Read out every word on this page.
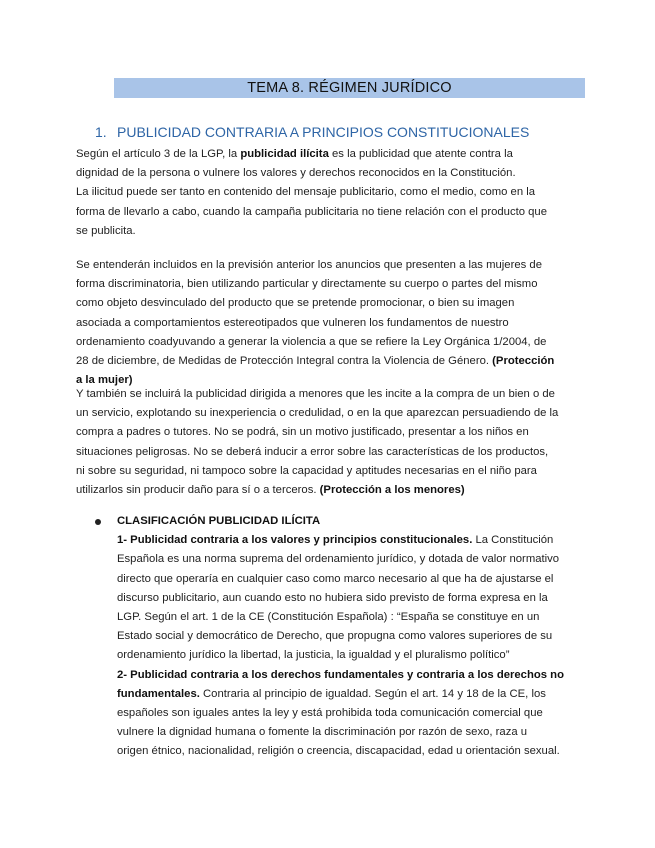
TEMA 8. RÉGIMEN JURÍDICO
1. PUBLICIDAD CONTRARIA A PRINCIPIOS CONSTITUCIONALES
Según el artículo 3 de la LGP, la publicidad ilícita es la publicidad que atente contra la
dignidad de la persona o vulnere los valores y derechos reconocidos en la Constitución.
La ilicitud puede ser tanto en contenido del mensaje publicitario, como el medio, como en la
forma de llevarlo a cabo, cuando la campaña publicitaria no tiene relación con el producto que
se publicita.
Se entenderán incluidos en la previsión anterior los anuncios que presenten a las mujeres de
forma discriminatoria, bien utilizando particular y directamente su cuerpo o partes del mismo
como objeto desvinculado del producto que se pretende promocionar, o bien su imagen
asociada a comportamientos estereotipados que vulneren los fundamentos de nuestro
ordenamiento coadyuvando a generar la violencia a que se refiere la Ley Orgánica 1/2004, de
28 de diciembre, de Medidas de Protección Integral contra la Violencia de Género. (Protección
a la mujer)
Y también se incluirá la publicidad dirigida a menores que les incite a la compra de un bien o de
un servicio, explotando su inexperiencia o credulidad, o en la que aparezcan persuadiendo de la
compra a padres o tutores. No se podrá, sin un motivo justificado, presentar a los niños en
situaciones peligrosas. No se deberá inducir a error sobre las características de los productos,
ni sobre su seguridad, ni tampoco sobre la capacidad y aptitudes necesarias en el niño para
utilizarlos sin producir daño para sí o a terceros. (Protección a los menores)
CLASIFICACIÓN PUBLICIDAD ILÍCITA
1- Publicidad contraria a los valores y principios constitucionales. La Constitución
Española es una norma suprema del ordenamiento jurídico, y dotada de valor normativo
directo que operaría en cualquier caso como marco necesario al que ha de ajustarse el
discurso publicitario, aun cuando esto no hubiera sido previsto de forma expresa en la
LGP. Según el art. 1 de la CE (Constitución Española) : “España se constituye en un
Estado social y democrático de Derecho, que propugna como valores superiores de su
ordenamiento jurídico la libertad, la justicia, la igualdad y el pluralismo político”
2- Publicidad contraria a los derechos fundamentales y contraria a los derechos no
fundamentales. Contraria al principio de igualdad. Según el art. 14 y 18 de la CE, los
españoles son iguales antes la ley y está prohibida toda comunicación comercial que
vulnere la dignidad humana o fomente la discriminación por razón de sexo, raza u
origen étnico, nacionalidad, religión o creencia, discapacidad, edad u orientación sexual.
